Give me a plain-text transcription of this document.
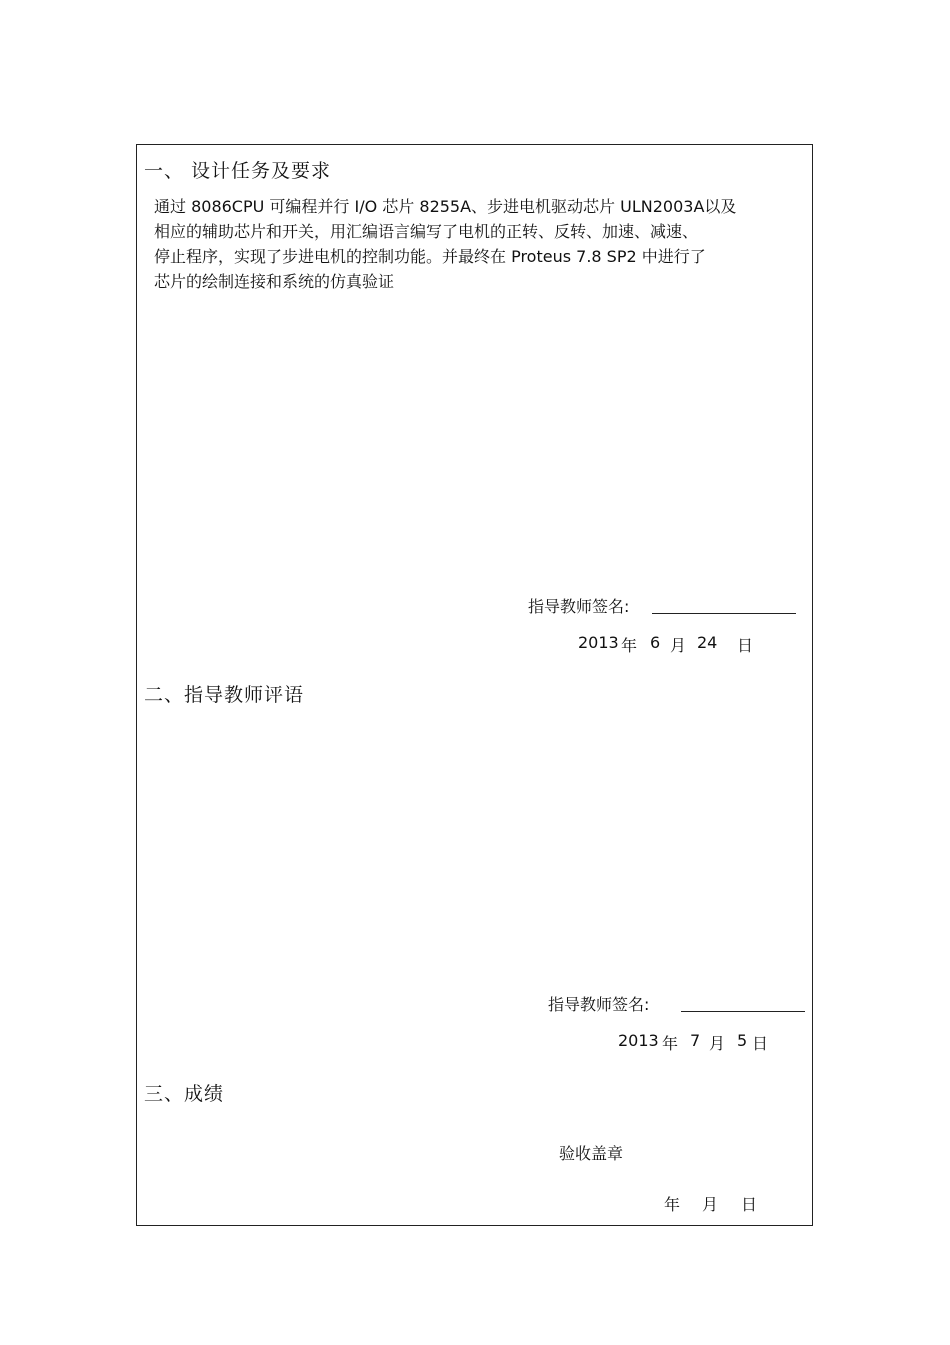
一、 设计任务及要求
通过 8086CPU 可编程并行 I/O 芯片 8255A、步进电机驱动芯片 ULN2003A以及
相应的辅助芯片和开关，用汇编语言编写了电机的正转、反转、加速、减速、
停止程序，实现了步进电机的控制功能。并最终在 Proteus 7.8 SP2 中进行了
芯片的绘制连接和系统的仿真验证
指导教师签名:
2013 年 6 月 24 日
二、指导教师评语
指导教师签名:
2013 年 7 月 5 日
三、成绩
验收盖章
年 月 日
